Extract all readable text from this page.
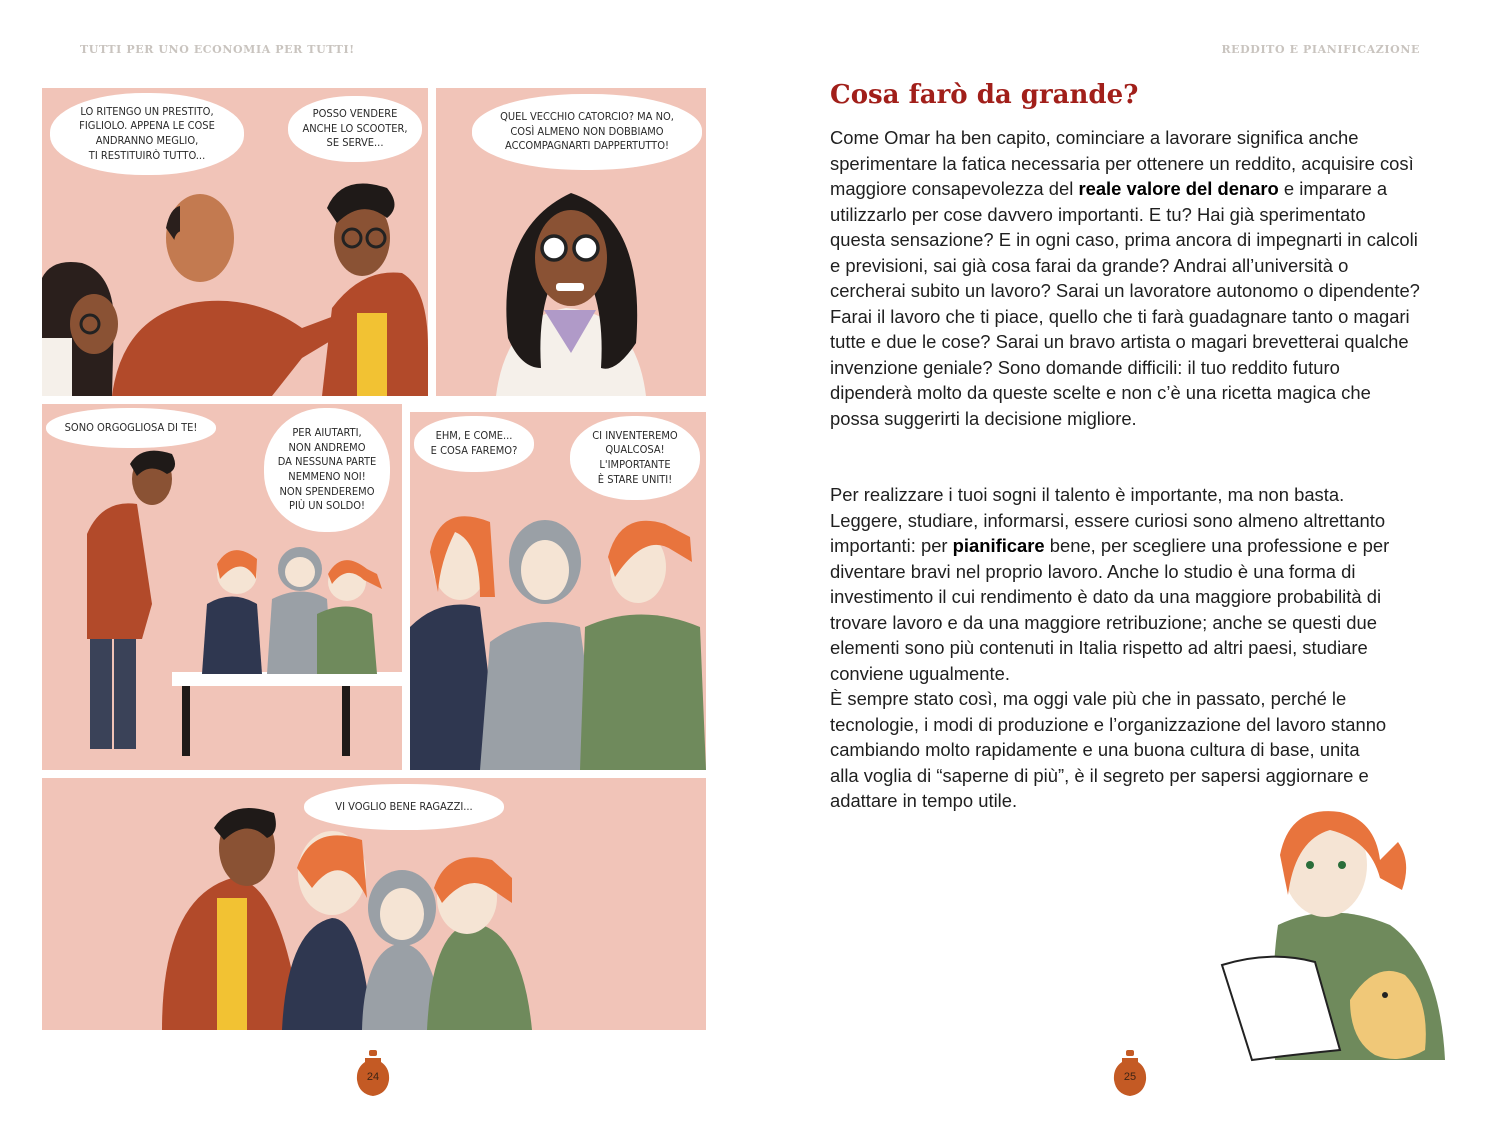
TUTTI PER UNO ECONOMIA PER TUTTI!	REDDITO E PIANIFICAZIONE
LO RITENGO UN PRESTITO,
FIGLIOLO. APPENA LE COSE
ANDRANNO MEGLIO,
TI RESTITUIRÒ TUTTO...
POSSO VENDERE
ANCHE LO SCOOTER,
SE SERVE...
QUEL VECCHIO CATORCIO? MA NO,
COSÌ ALMENO NON DOBBIAMO
ACCOMPAGNARTI DAPPERTUTTO!
SONO ORGOGLIOSA DI TE!	PER AIUTARTI,
NON ANDREMO
DA NESSUNA PARTE
NEMMENO NOI!
NON SPENDEREMO
PIÙ UN SOLDO!
EHM, E COME...
E COSA FAREMO?
CI INVENTEREMO
QUALCOSA!
L'IMPORTANTE
È STARE UNITI!
VI VOGLIO BENE RAGAZZI...
24	25
Cosa farò da grande?

Come Omar ha ben capito, cominciare a lavorare significa anche sperimentare la fatica necessaria per ottenere un reddito, acquisire così maggiore consapevolezza del reale valore del denaro e imparare a utilizzarlo per cose davvero importanti. E tu? Hai già sperimentato questa sensazione? E in ogni caso, prima ancora di impegnarti in calcoli e previsioni, sai già cosa farai da grande? Andrai all’università o cercherai subito un lavoro? Sarai un lavoratore autonomo o dipendente? Farai il lavoro che ti piace, quello che ti farà guadagnare tanto o magari tutte e due le cose? Sarai un bravo artista o magari brevetterai qualche invenzione geniale? Sono domande difficili: il tuo reddito futuro dipenderà molto da queste scelte e non c’è una ricetta magica che possa suggerirti la decisione migliore.

Per realizzare i tuoi sogni il talento è importante, ma non basta. Leggere, studiare, informarsi, essere curiosi sono almeno altrettanto importanti: per pianificare bene, per scegliere una professione e per diventare bravi nel proprio lavoro. Anche lo studio è una forma di investimento il cui rendimento è dato da una maggiore probabilità di trovare lavoro e da una maggiore retribuzione; anche se questi due elementi sono più contenuti in Italia rispetto ad altri paesi, studiare conviene ugualmente.
È sempre stato così, ma oggi vale più che in passato, perché le tecnologie, i modi di produzione e l’organizzazione del lavoro stanno cambiando molto rapidamente e una buona cultura di base, unita alla voglia di “saperne di più”, è il segreto per sapersi aggiornare e adattare in tempo utile.
